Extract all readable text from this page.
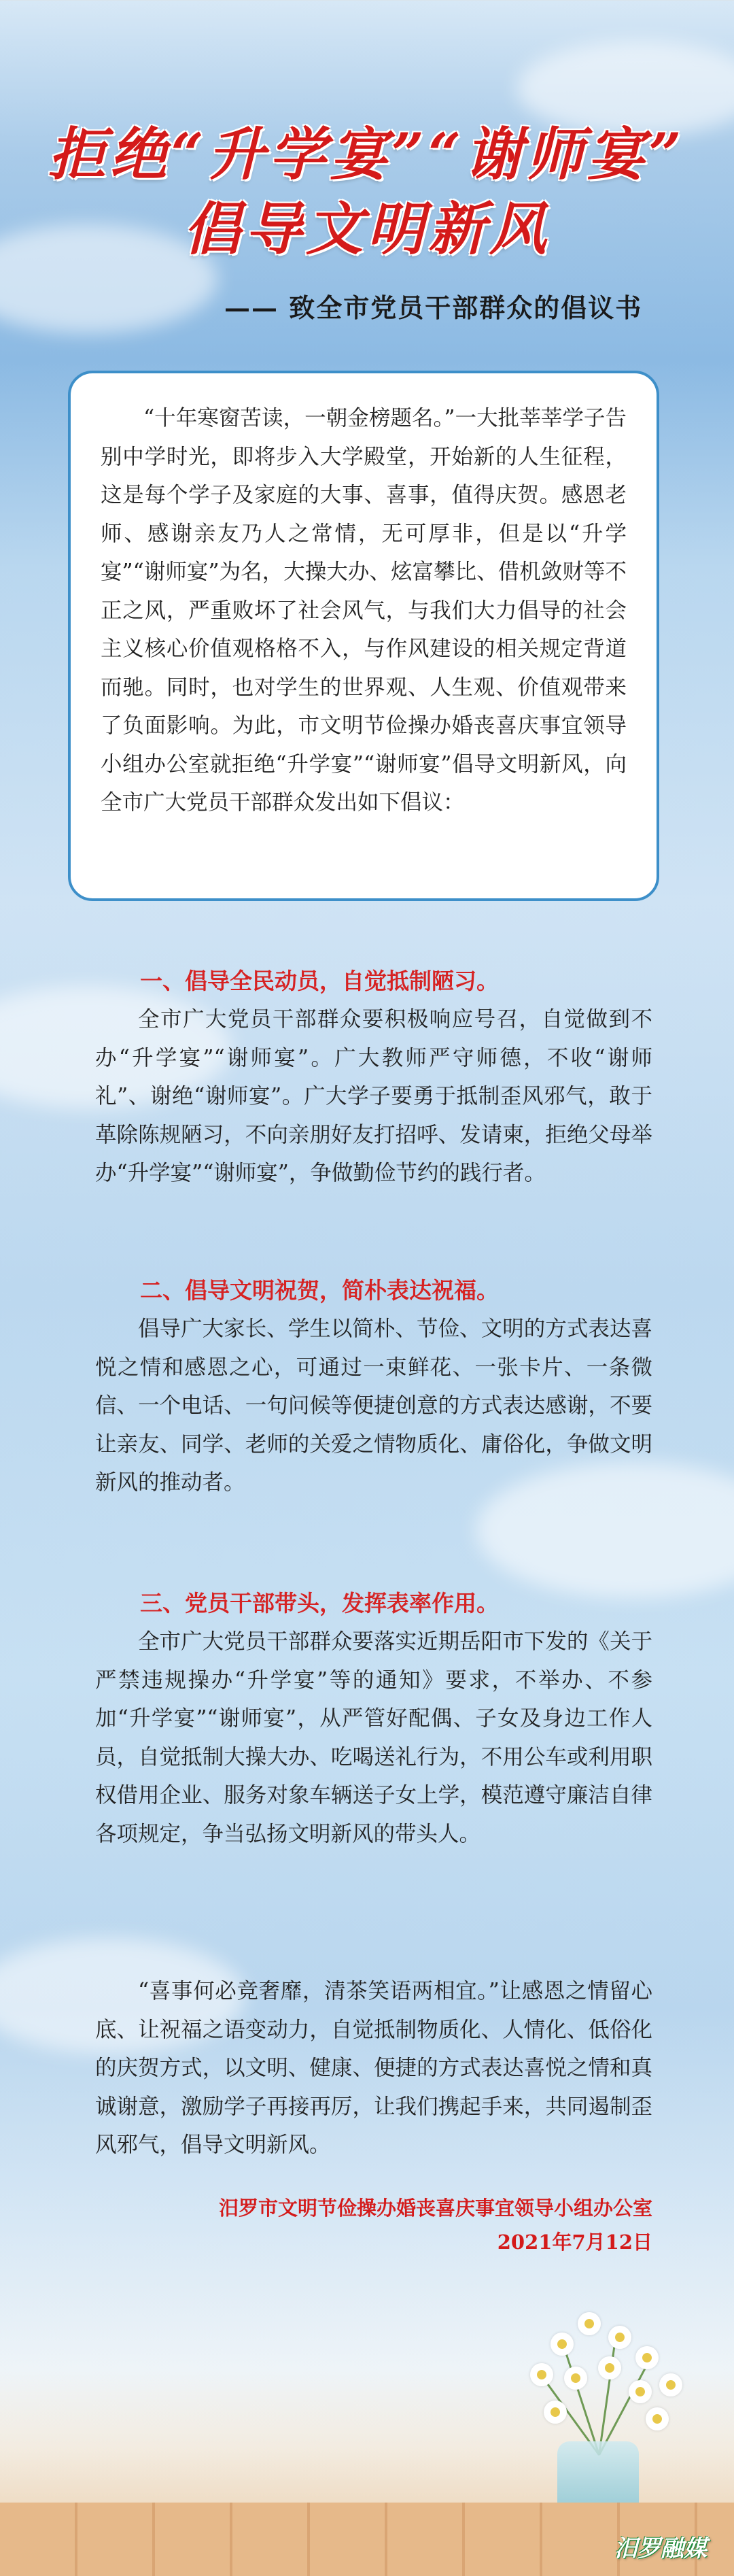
拒绝“升学宴”“谢师宴”
倡导文明新风
—— 致全市党员干部群众的倡议书

“十年寒窗苦读，一朝金榜题名。”一大批莘莘学子告别中学时光，即将步入大学殿堂，开始新的人生征程，这是每个学子及家庭的大事、喜事，值得庆贺。感恩老师、感谢亲友乃人之常情，无可厚非，但是以“升学宴”“谢师宴”为名，大操大办、炫富攀比、借机敛财等不正之风，严重败坏了社会风气，与我们大力倡导的社会主义核心价值观格格不入，与作风建设的相关规定背道而驰。同时，也对学生的世界观、人生观、价值观带来了负面影响。为此，市文明节俭操办婚丧喜庆事宜领导小组办公室就拒绝“升学宴”“谢师宴”倡导文明新风，向全市广大党员干部群众发出如下倡议：

一、倡导全民动员，自觉抵制陋习。

全市广大党员干部群众要积极响应号召，自觉做到不办“升学宴”“谢师宴”。广大教师严守师德，不收“谢师礼”、谢绝“谢师宴”。广大学子要勇于抵制歪风邪气，敢于革除陈规陋习，不向亲朋好友打招呼、发请柬，拒绝父母举办“升学宴”“谢师宴”，争做勤俭节约的践行者。

二、倡导文明祝贺，简朴表达祝福。

倡导广大家长、学生以简朴、节俭、文明的方式表达喜悦之情和感恩之心，可通过一束鲜花、一张卡片、一条微信、一个电话、一句问候等便捷创意的方式表达感谢，不要让亲友、同学、老师的关爱之情物质化、庸俗化，争做文明新风的推动者。

三、党员干部带头，发挥表率作用。

全市广大党员干部群众要落实近期岳阳市下发的《关于严禁违规操办“升学宴”等的通知》要求，不举办、不参加“升学宴”“谢师宴”，从严管好配偶、子女及身边工作人员，自觉抵制大操大办、吃喝送礼行为，不用公车或利用职权借用企业、服务对象车辆送子女上学，模范遵守廉洁自律各项规定，争当弘扬文明新风的带头人。

“喜事何必竞奢靡，清茶笑语两相宜。”让感恩之情留心底、让祝福之语变动力，自觉抵制物质化、人情化、低俗化的庆贺方式，以文明、健康、便捷的方式表达喜悦之情和真诚谢意，激励学子再接再厉，让我们携起手来，共同遏制歪风邪气，倡导文明新风。

汨罗市文明节俭操办婚丧喜庆事宜领导小组办公室
2021年7月12日
汨罗融媒
